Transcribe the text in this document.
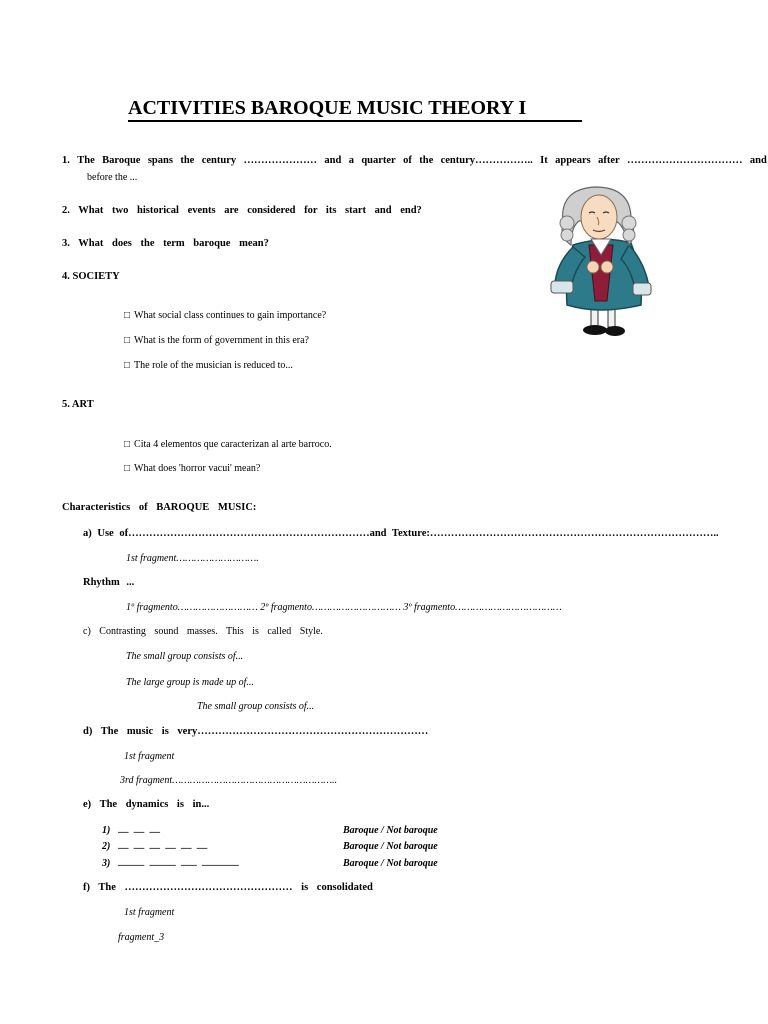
ACTIVITIES BAROQUE MUSIC THEORY I
1. The Baroque spans the century ………………… and a quarter of the century…………….. It appears after …………………………… and
before the ...
2. What two historical events are considered for its start and end?
3. What does the term baroque mean?
4. SOCIETY
□ What social class continues to gain importance?
□ What is the form of government in this era?
□ The role of the musician is reduced to...
5. ART
□ Cita 4 elementos que caracterizan al arte barroco.
□ What does 'horror vacui' mean?
Characteristics of BAROQUE MUSIC:
a) Use of……………………………………………………………and Texture:………………………………………………………………………..
1st fragment……………………….
Rhythm ...
1º fragmento……………………… 2º fragmento………………………… 3º fragmento………………………………
c) Contrasting sound masses. This is called Style.
The small group consists of...
The large group is made up of...
The small group consists of...
d) The music is very…………………………………………………………
1st fragment
3rd fragment………………………………………………..
e) The dynamics is in...
1) __  __  __	Baroque / Not baroque
2) __  __  __  __  __  __	Baroque / Not baroque
3) _____  _____  ___  _______	Baroque / Not baroque
f) The ………………………………………… is consolidated
1st fragment
fragment_3
